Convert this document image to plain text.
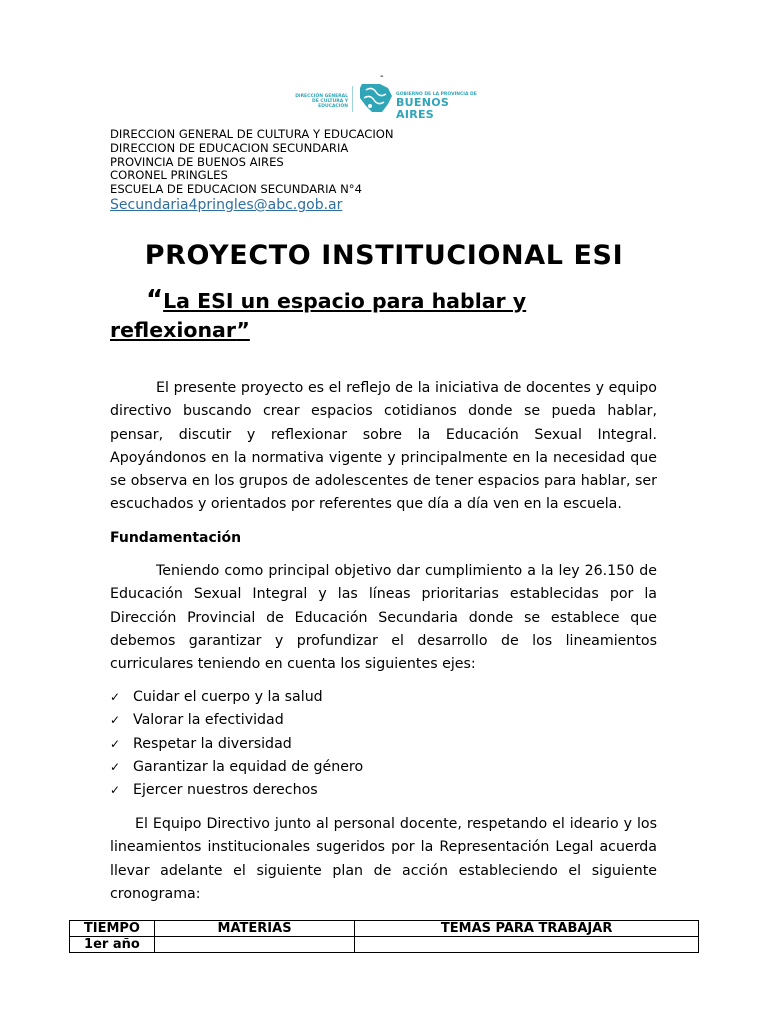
-
DIRECCIÓN GENERAL
DE CULTURA Y EDUCACIÓN
GOBIERNO DE LA PROVINCIA DE
BUENOS AIRES
DIRECCION GENERAL DE CULTURA Y EDUCACION
DIRECCION DE EDUCACION SECUNDARIA
PROVINCIA DE BUENOS AIRES
CORONEL PRINGLES
ESCUELA DE EDUCACION SECUNDARIA N°4
Secundaria4pringles@abc.gob.ar
PROYECTO INSTITUCIONAL ESI
“La ESI un espacio para hablar y reflexionar”
El presente proyecto es el reflejo de la iniciativa de docentes y equipo directivo buscando crear espacios cotidianos donde se pueda hablar, pensar, discutir y reflexionar sobre la Educación Sexual Integral. Apoyándonos en la normativa vigente y principalmente en la necesidad que se observa en los grupos de adolescentes de tener espacios para hablar, ser escuchados y orientados por referentes que día a día ven en la escuela.
Fundamentación
Teniendo como principal objetivo dar cumplimiento a la ley 26.150 de Educación Sexual Integral y las líneas prioritarias establecidas por la Dirección Provincial de Educación Secundaria donde se establece que debemos garantizar y profundizar el desarrollo de los lineamientos curriculares teniendo en cuenta los siguientes ejes:
✓ Cuidar el cuerpo y la salud
✓ Valorar la efectividad
✓ Respetar la diversidad
✓ Garantizar la equidad de género
✓ Ejercer nuestros derechos
El Equipo Directivo junto al personal docente, respetando el ideario y los lineamientos institucionales sugeridos por la Representación Legal acuerda llevar adelante el siguiente plan de acción estableciendo el siguiente cronograma:
TIEMPO	MATERIAS	TEMAS PARA TRABAJAR
1er año		
